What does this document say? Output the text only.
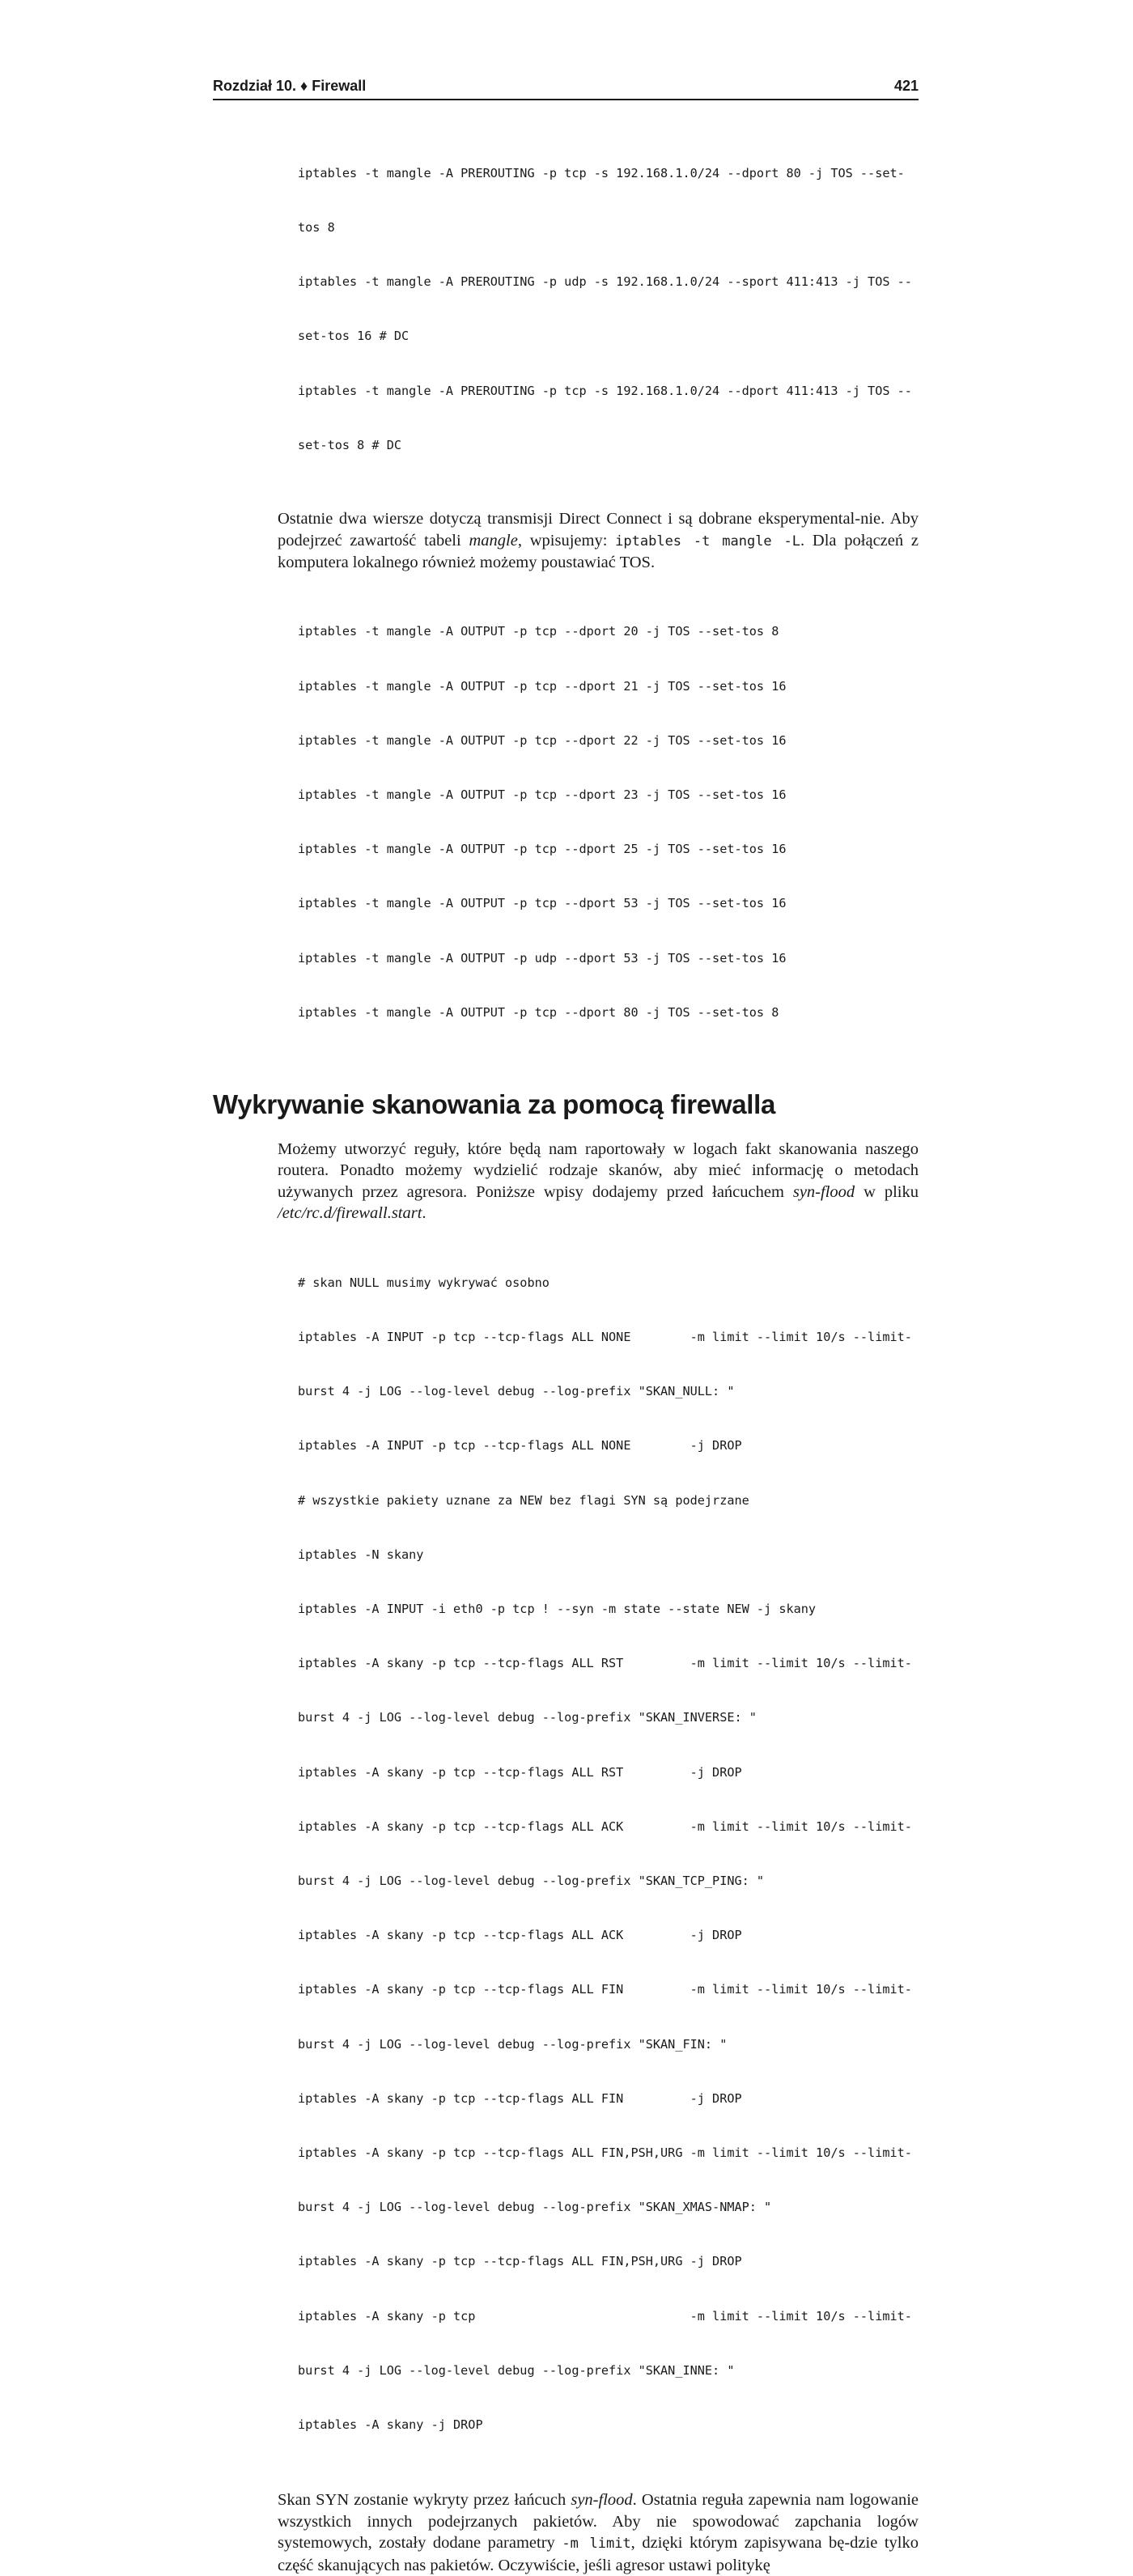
Rozdział 10. ♦ Firewall	421

iptables -t mangle -A PREROUTING -p tcp -s 192.168.1.0/24 --dport 80 -j TOS --set-

tos 8

iptables -t mangle -A PREROUTING -p udp -s 192.168.1.0/24 --sport 411:413 -j TOS --

set-tos 16 # DC

iptables -t mangle -A PREROUTING -p tcp -s 192.168.1.0/24 --dport 411:413 -j TOS --

set-tos 8 # DC

Ostatnie dwa wiersze dotyczą transmisji Direct Connect i są dobrane eksperymental-nie. Aby podejrzeć zawartość tabeli mangle, wpisujemy: iptables -t mangle -L. Dla połączeń z komputera lokalnego również możemy poustawiać TOS.

iptables -t mangle -A OUTPUT -p tcp --dport 20 -j TOS --set-tos 8

iptables -t mangle -A OUTPUT -p tcp --dport 21 -j TOS --set-tos 16

iptables -t mangle -A OUTPUT -p tcp --dport 22 -j TOS --set-tos 16

iptables -t mangle -A OUTPUT -p tcp --dport 23 -j TOS --set-tos 16

iptables -t mangle -A OUTPUT -p tcp --dport 25 -j TOS --set-tos 16

iptables -t mangle -A OUTPUT -p tcp --dport 53 -j TOS --set-tos 16

iptables -t mangle -A OUTPUT -p udp --dport 53 -j TOS --set-tos 16

iptables -t mangle -A OUTPUT -p tcp --dport 80 -j TOS --set-tos 8

Wykrywanie skanowania za pomocą firewalla

Możemy utworzyć reguły, które będą nam raportowały w logach fakt skanowania naszego routera. Ponadto możemy wydzielić rodzaje skanów, aby mieć informację o metodach używanych przez agresora. Poniższe wpisy dodajemy przed łańcuchem syn-flood w pliku /etc/rc.d/firewall.start.

# skan NULL musimy wykrywać osobno

iptables -A INPUT -p tcp --tcp-flags ALL NONE        -m limit --limit 10/s --limit-

burst 4 -j LOG --log-level debug --log-prefix "SKAN_NULL: "

iptables -A INPUT -p tcp --tcp-flags ALL NONE        -j DROP

# wszystkie pakiety uznane za NEW bez flagi SYN są podejrzane

iptables -N skany

iptables -A INPUT -i eth0 -p tcp ! --syn -m state --state NEW -j skany

iptables -A skany -p tcp --tcp-flags ALL RST         -m limit --limit 10/s --limit-

burst 4 -j LOG --log-level debug --log-prefix "SKAN_INVERSE: "

iptables -A skany -p tcp --tcp-flags ALL RST         -j DROP

iptables -A skany -p tcp --tcp-flags ALL ACK         -m limit --limit 10/s --limit-

burst 4 -j LOG --log-level debug --log-prefix "SKAN_TCP_PING: "

iptables -A skany -p tcp --tcp-flags ALL ACK         -j DROP

iptables -A skany -p tcp --tcp-flags ALL FIN         -m limit --limit 10/s --limit-

burst 4 -j LOG --log-level debug --log-prefix "SKAN_FIN: "

iptables -A skany -p tcp --tcp-flags ALL FIN         -j DROP

iptables -A skany -p tcp --tcp-flags ALL FIN,PSH,URG -m limit --limit 10/s --limit-

burst 4 -j LOG --log-level debug --log-prefix "SKAN_XMAS-NMAP: "

iptables -A skany -p tcp --tcp-flags ALL FIN,PSH,URG -j DROP

iptables -A skany -p tcp                             -m limit --limit 10/s --limit-

burst 4 -j LOG --log-level debug --log-prefix "SKAN_INNE: "

iptables -A skany -j DROP

Skan SYN zostanie wykryty przez łańcuch syn-flood. Ostatnia reguła zapewnia nam logowanie wszystkich innych podejrzanych pakietów. Aby nie spowodować zapchania logów systemowych, zostały dodane parametry -m limit, dzięki którym zapisywana bę-dzie tylko część skanujących nas pakietów. Oczywiście, jeśli agresor ustawi politykę
